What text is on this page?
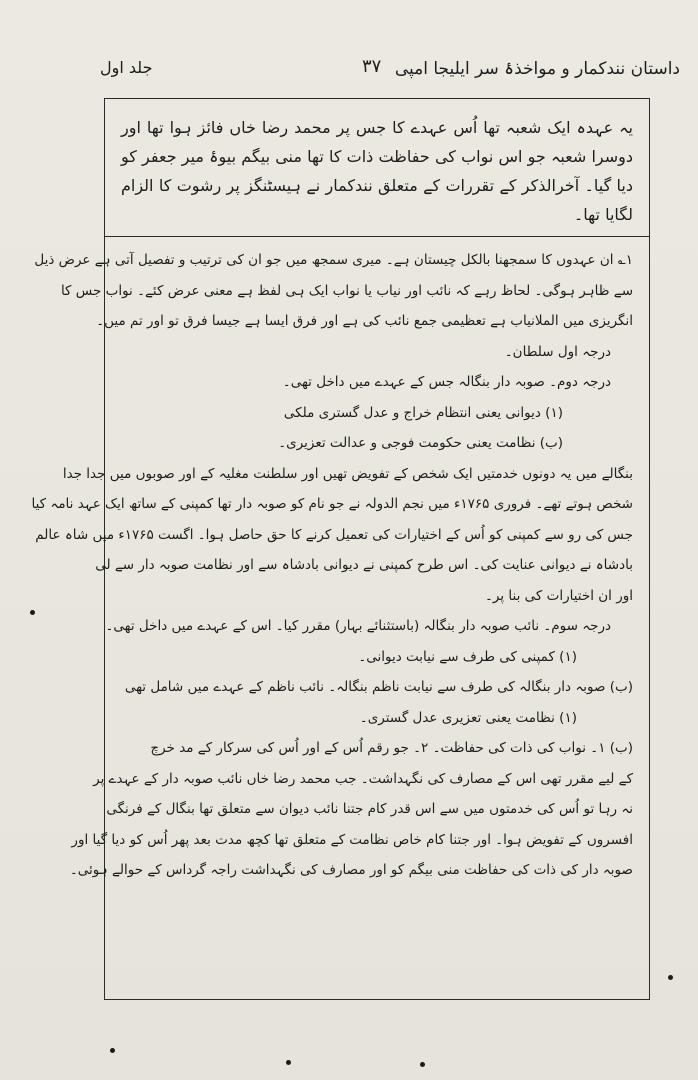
داستان نندکمار و مواخذۂ سر ایلیجا امپی
۳۷
جلد اول
یہ عہدہ ایک شعبہ تھا اُس عہدے کا جس پر محمد رضا خاں فائز ہوا تھا اور دوسرا شعبہ جو اس نواب کی حفاظت ذات کا تھا منی بیگم بیوۂ میر جعفر کو دیا گیا۔ آخرالذکر کے تقررات کے متعلق نندکمار نے ہیسٹنگز پر رشوت کا الزام لگایا تھا۔
۱؎ ان عہدوں کا سمجھنا بالکل چیستان ہے۔ میری سمجھ میں جو ان کی ترتیب و تفصیل آتی ہے عرض ذیل
سے ظاہر ہوگی۔ لحاظ رہے کہ نائب اور نیاب یا نواب ایک ہی لفظ ہے معنی عرض کئے۔ نواب جس کا
انگریزی میں الملانیاب ہے تعظیمی جمع نائب کی ہے اور فرق ایسا ہے جیسا فرق تو اور تم میں۔
درجہ اول سلطان۔
درجہ دوم۔ صوبہ دار بنگالہ جس کے عہدے میں داخل تھی۔
(۱) دیوانی یعنی انتظام خراج و عدل گستری ملکی
(ب) نظامت یعنی حکومت فوجی و عدالت تعزیری۔
بنگالے میں یہ دونوں خدمتیں ایک شخص کے تفویض تھیں اور سلطنت مغلیہ کے اور صوبوں میں جدا جدا
شخص ہوتے تھے۔ فروری ۱۷۶۵ء میں نجم الدولہ نے جو نام کو صوبہ دار تھا کمپنی کے ساتھ ایک عہد نامہ کیا
جس کی رو سے کمپنی کو اُس کے اختیارات کی تعمیل کرنے کا حق حاصل ہوا۔ اگست ۱۷۶۵ء میں شاہ عالم
بادشاہ نے دیوانی عنایت کی۔ اس طرح کمپنی نے دیوانی بادشاہ سے اور نظامت صوبہ دار سے لی
اور ان اختیارات کی بنا پر۔
درجہ سوم۔ نائب صوبہ دار بنگالہ (باستثنائے بہار) مقرر کیا۔ اس کے عہدے میں داخل تھی۔
(۱) کمپنی کی طرف سے نیابت دیوانی۔
(ب) صوبہ دار بنگالہ کی طرف سے نیابت ناظم بنگالہ۔ نائب ناظم کے عہدے میں شامل تھی
(۱) نظامت یعنی تعزیری عدل گستری۔
(ب) ۱۔ نواب کی ذات کی حفاظت۔ ۲۔ جو رقم اُس کے اور اُس کی سرکار کے مد خرچ
کے لیے مقرر تھی اس کے مصارف کی نگہداشت۔ جب محمد رضا خاں نائب صوبہ دار کے عہدے پر
نہ رہا تو اُس کی خدمتوں میں سے اس قدر کام جتنا نائب دیوان سے متعلق تھا بنگال کے فرنگی
افسروں کے تفویض ہوا۔ اور جتنا کام خاص نظامت کے متعلق تھا کچھ مدت بعد پھر اُس کو دیا گیا اور
صوبہ دار کی ذات کی حفاظت منی بیگم کو اور مصارف کی نگہداشت راجہ گرداس کے حوالے ہوئی۔
